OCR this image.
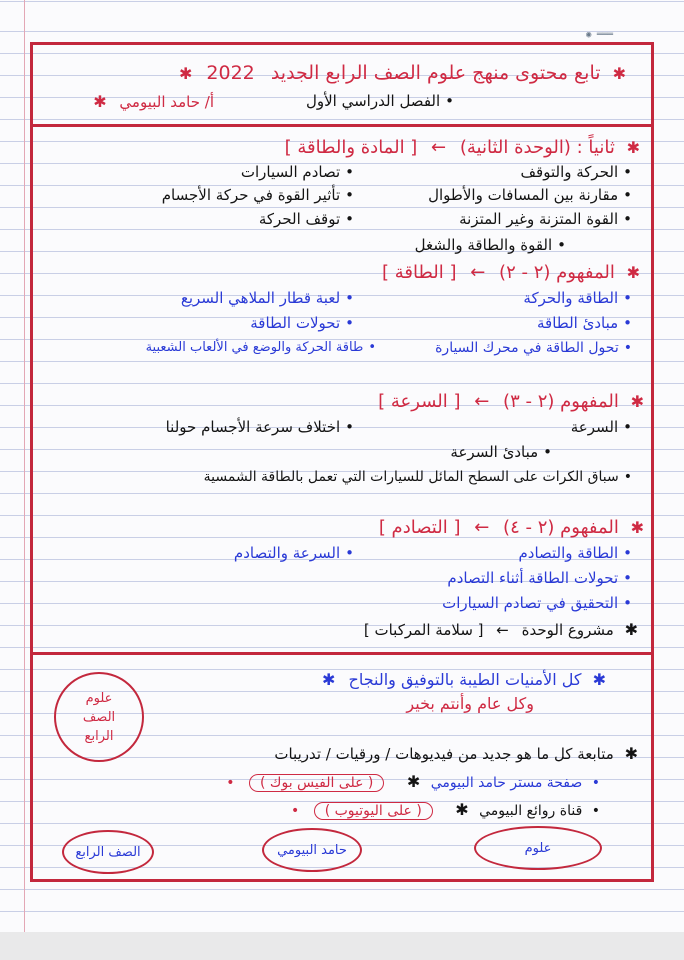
◉ ═══
✱ تابع محتوى منهج علوم الصف الرابع الجديد 2022 ✱
•الفصل الدراسي الأول
أ/ حامد البيومي ✱
✱ ثانياً : (الوحدة الثانية) ← [ المادة والطاقة ]
•الحركة والتوقف
•تصادم السيارات
•مقارنة بين المسافات والأطوال
•تأثير القوة في حركة الأجسام
•القوة المتزنة وغير المتزنة
•توقف الحركة
•القوة والطاقة والشغل
✱ المفهوم (٢ - ٢) ← [ الطاقة ]
•الطاقة والحركة
•لعبة قطار الملاهي السريع
•مبادئ الطاقة
•تحولات الطاقة
•تحول الطاقة في محرك السيارة
•طاقة الحركة والوضع في الألعاب الشعبية
✱ المفهوم (٢ - ٣) ← [ السرعة ]
•السرعة
•اختلاف سرعة الأجسام حولنا
•مبادئ السرعة
•سباق الكرات على السطح المائل للسيارات التي تعمل بالطاقة الشمسية
✱ المفهوم (٢ - ٤) ← [ التصادم ]
•الطاقة والتصادم
•السرعة والتصادم
•تحولات الطاقة أثناء التصادم
•التحقيق في تصادم السيارات
✱ مشروع الوحدة ← [ سلامة المركبات ]
علوم
الصف
الرابع
✱ كل الأمنيات الطيبة بالتوفيق والنجاح ✱
وكل عام وأنتم بخير
✱ متابعة كل ما هو جديد من فيديوهات / ورقيات / تدريبات
• صفحة مستر حامد البيومي ✱ ( على الفيس بوك ) •
• قناة روائع البيومي ✱ ( على اليوتيوب ) •
الصف الرابع	حامد البيومي	علوم
